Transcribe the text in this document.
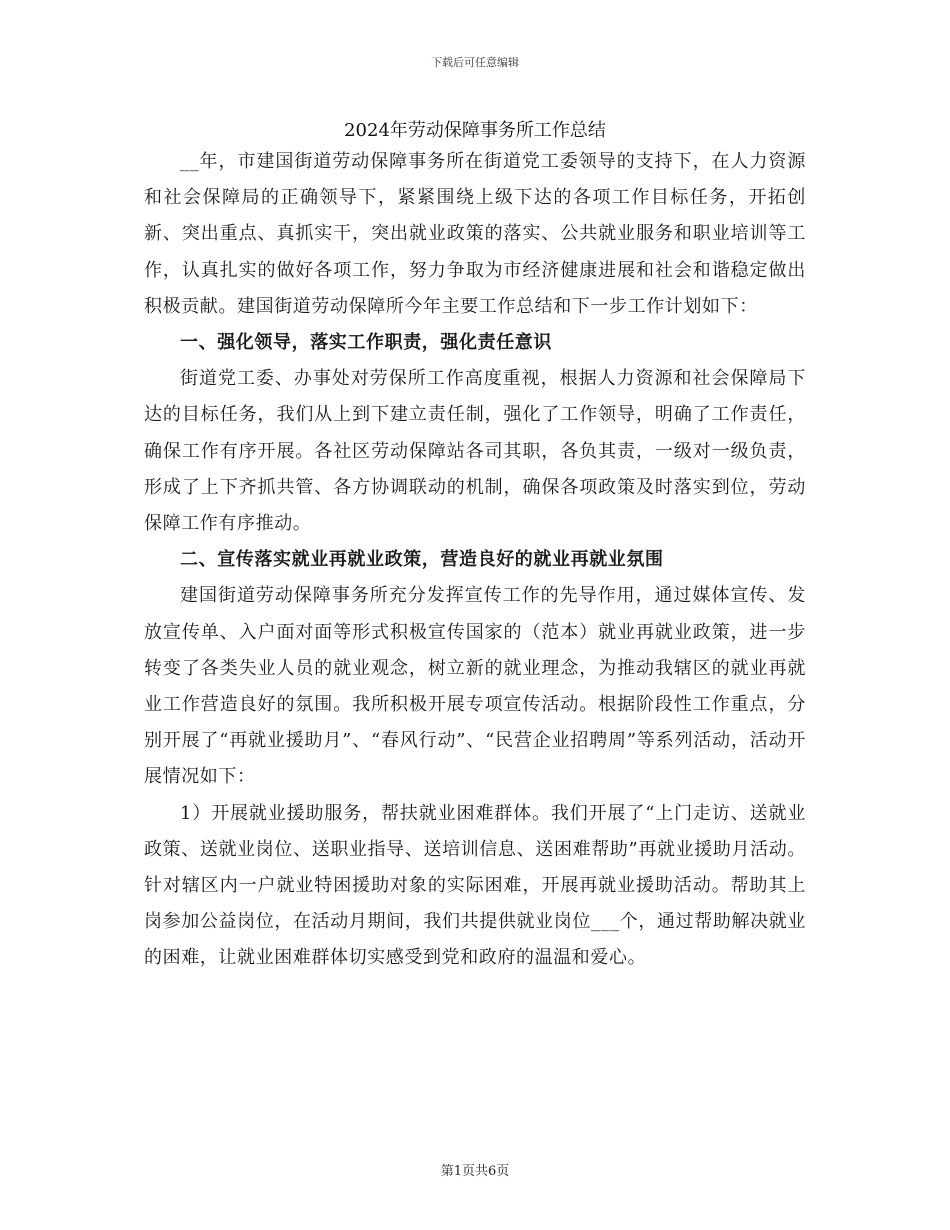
下载后可任意编辑
2024年劳动保障事务所工作总结

__年，市建国街道劳动保障事务所在街道党工委领导的支持下，在人力资源和社会保障局的正确领导下，紧紧围绕上级下达的各项工作目标任务，开拓创新、突出重点、真抓实干，突出就业政策的落实、公共就业服务和职业培训等工作，认真扎实的做好各项工作，努力争取为市经济健康进展和社会和谐稳定做出积极贡献。建国街道劳动保障所今年主要工作总结和下一步工作计划如下：

一、强化领导，落实工作职责，强化责任意识

街道党工委、办事处对劳保所工作高度重视，根据人力资源和社会保障局下达的目标任务，我们从上到下建立责任制，强化了工作领导，明确了工作责任，确保工作有序开展。各社区劳动保障站各司其职，各负其责，一级对一级负责，形成了上下齐抓共管、各方协调联动的机制，确保各项政策及时落实到位，劳动保障工作有序推动。

二、宣传落实就业再就业政策，营造良好的就业再就业氛围

建国街道劳动保障事务所充分发挥宣传工作的先导作用，通过媒体宣传、发放宣传单、入户面对面等形式积极宣传国家的（范本）就业再就业政策，进一步转变了各类失业人员的就业观念，树立新的就业理念，为推动我辖区的就业再就业工作营造良好的氛围。我所积极开展专项宣传活动。根据阶段性工作重点，分别开展了“再就业援助月”、“春风行动”、“民营企业招聘周”等系列活动，活动开展情况如下：

1）开展就业援助服务，帮扶就业困难群体。我们开展了“上门走访、送就业政策、送就业岗位、送职业指导、送培训信息、送困难帮助”再就业援助月活动。针对辖区内一户就业特困援助对象的实际困难，开展再就业援助活动。帮助其上岗参加公益岗位，在活动月期间，我们共提供就业岗位___个，通过帮助解决就业的困难，让就业困难群体切实感受到党和政府的温温和爱心。

第1页共6页
